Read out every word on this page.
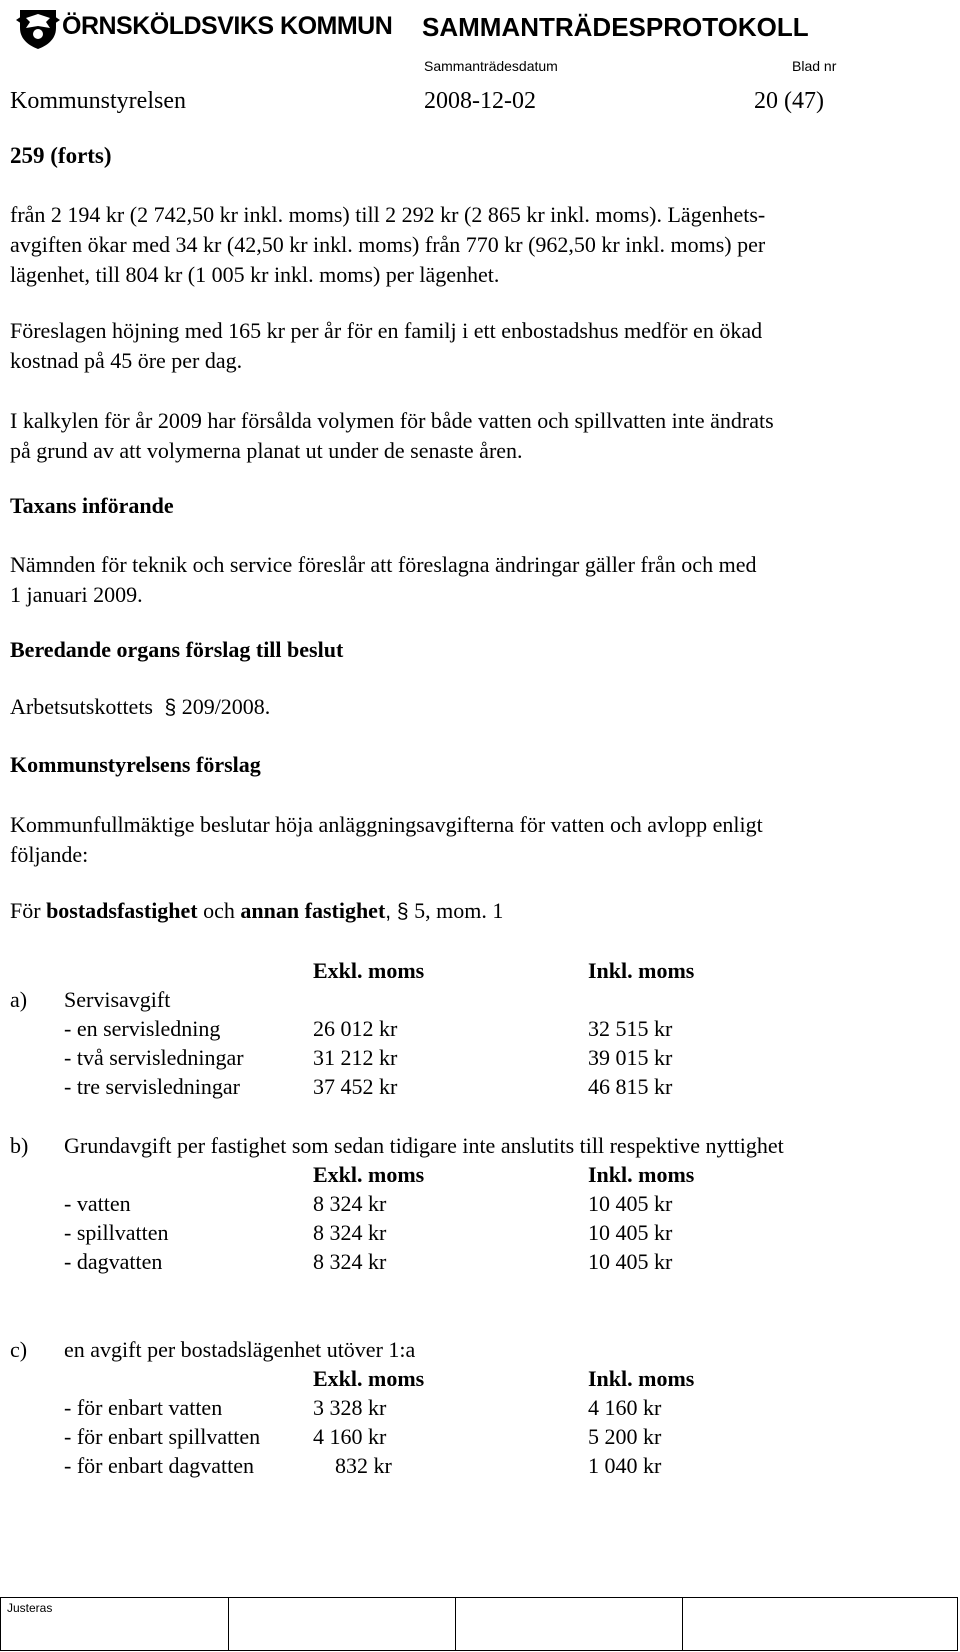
ÖRNSKÖLDSVIKS KOMMUN SAMMANTRÄDESPROTOKOLL
Sammanträdesdatum	Blad nr
Kommunstyrelsen	2008-12-02	20 (47)
259 (forts)
från 2 194 kr (2 742,50 kr inkl. moms) till 2 292 kr (2 865 kr inkl. moms). Lägenhets-
avgiften ökar med 34 kr (42,50 kr inkl. moms) från 770 kr (962,50 kr inkl. moms) per
lägenhet, till 804 kr (1 005 kr inkl. moms) per lägenhet.
Föreslagen höjning med 165 kr per år för en familj i ett enbostadshus medför en ökad
kostnad på 45 öre per dag.
I kalkylen för år 2009 har försålda volymen för både vatten och spillvatten inte ändrats
på grund av att volymerna planat ut under de senaste åren.
Taxans införande
Nämnden för teknik och service föreslår att föreslagna ändringar gäller från och med
1 januari 2009.
Beredande organs förslag till beslut
Arbetsutskottets § 209/2008.
Kommunstyrelsens förslag
Kommunfullmäktige beslutar höja anläggningsavgifterna för vatten och avlopp enligt
följande:
För bostadsfastighet och annan fastighet, § 5, mom. 1
Exkl. moms	Inkl. moms
a) Servisavgift
- en servisledning	26 012 kr	32 515 kr
- två servisledningar	31 212 kr	39 015 kr
- tre servisledningar	37 452 kr	46 815 kr
b) Grundavgift per fastighet som sedan tidigare inte anslutits till respektive nyttighet
Exkl. moms	Inkl. moms
- vatten	8 324 kr	10 405 kr
- spillvatten	8 324 kr	10 405 kr
- dagvatten	8 324 kr	10 405 kr
c) en avgift per bostadslägenhet utöver 1:a
Exkl. moms	Inkl. moms
- för enbart vatten	3 328 kr	4 160 kr
- för enbart spillvatten 4 160 kr	5 200 kr
- för enbart dagvatten	832 kr	1 040 kr
Justeras
